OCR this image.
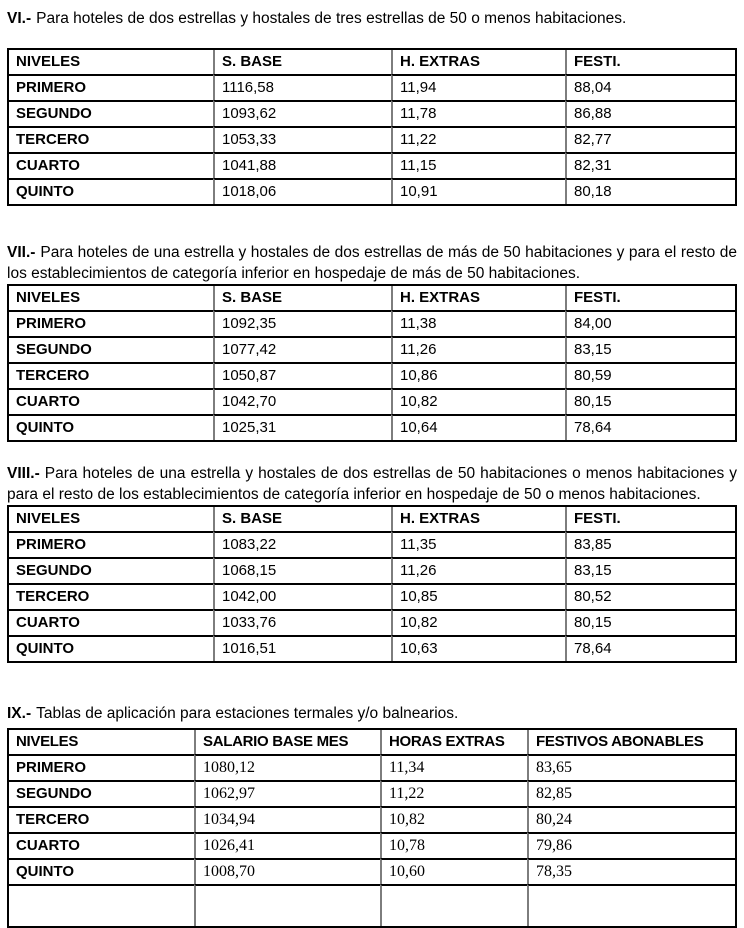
VI.- Para hoteles de dos estrellas y hostales de tres estrellas de 50 o menos habitaciones.

NIVELES	S. BASE	H. EXTRAS	FESTI.
PRIMERO	1116,58	11,94	88,04
SEGUNDO	1093,62	11,78	86,88
TERCERO	1053,33	11,22	82,77
CUARTO	1041,88	11,15	82,31
QUINTO	1018,06	10,91	80,18

VII.- Para hoteles de una estrella y hostales de dos estrellas de más de 50 habitaciones y para el resto de los establecimientos de categoría inferior en hospedaje de más de 50 habitaciones.

NIVELES	S. BASE	H. EXTRAS	FESTI.
PRIMERO	1092,35	11,38	84,00
SEGUNDO	1077,42	11,26	83,15
TERCERO	1050,87	10,86	80,59
CUARTO	1042,70	10,82	80,15
QUINTO	1025,31	10,64	78,64

VIII.- Para hoteles de una estrella y hostales de dos estrellas de 50 habitaciones o menos habitaciones y para el resto de los establecimientos de categoría inferior en hospedaje de 50 o menos habitaciones.

NIVELES	S. BASE	H. EXTRAS	FESTI.
PRIMERO	1083,22	11,35	83,85
SEGUNDO	1068,15	11,26	83,15
TERCERO	1042,00	10,85	80,52
CUARTO	1033,76	10,82	80,15
QUINTO	1016,51	10,63	78,64

IX.- Tablas de aplicación para estaciones termales y/o balnearios.

NIVELES	SALARIO BASE MES	HORAS EXTRAS	FESTIVOS ABONABLES
PRIMERO	1080,12	11,34	83,65
SEGUNDO	1062,97	11,22	82,85
TERCERO	1034,94	10,82	80,24
CUARTO	1026,41	10,78	79,86
QUINTO	1008,70	10,60	78,35
